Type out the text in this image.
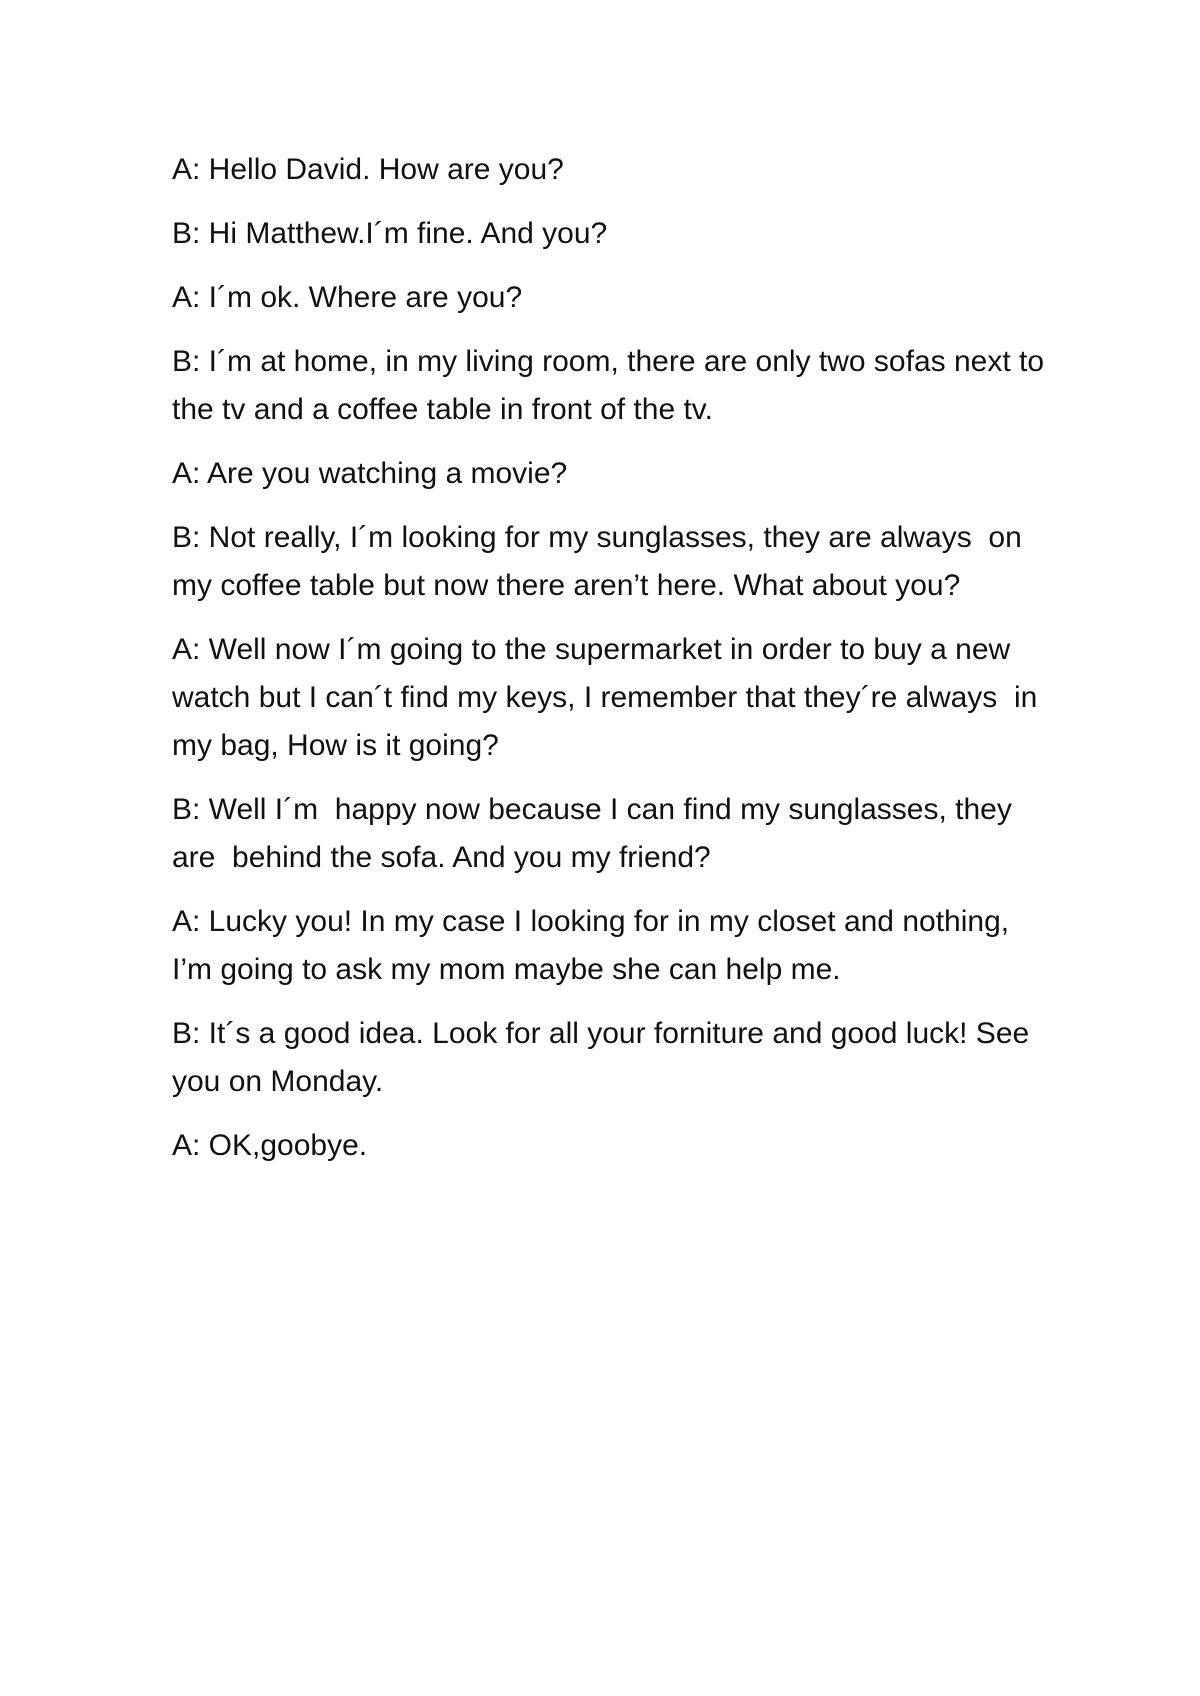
A: Hello David. How are you?

B: Hi Matthew.I´m fine. And you?

A: I´m ok. Where are you?

B: I´m at home, in my living room, there are only two sofas next to the tv and a coffee table in front of the tv.

A: Are you watching a movie?

B: Not really, I´m looking for my sunglasses, they are always  on my coffee table but now there aren’t here. What about you?

A: Well now I´m going to the supermarket in order to buy a new watch but I can´t find my keys, I remember that they´re always  in my bag, How is it going?

B: Well I´m  happy now because I can find my sunglasses, they are  behind the sofa. And you my friend?

A: Lucky you! In my case I looking for in my closet and nothing, I’m going to ask my mom maybe she can help me.

B: It´s a good idea. Look for all your forniture and good luck! See you on Monday.

A: OK,goobye.
